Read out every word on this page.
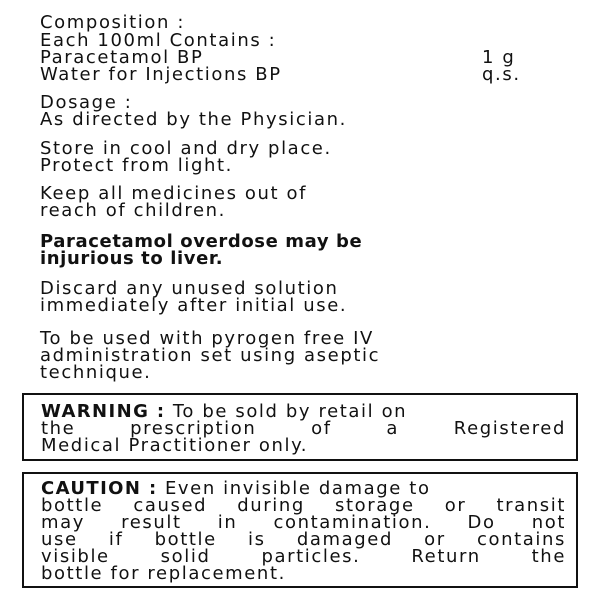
Composition :
Each 100ml Contains :
Paracetamol BP	1 g
Water for Injections BP	q.s.
Dosage :
As directed by the Physician.
Store in cool and dry place.
Protect from light.
Keep all medicines out of
reach of children.
Paracetamol overdose may be
injurious to liver.
Discard any unused solution
immediately after initial use.
To be used with pyrogen free IV
administration set using aseptic
technique.
WARNING : To be sold by retail on
the prescription of a Registered
Medical Practitioner only.
CAUTION : Even invisible damage to
bottle caused during storage or transit
may result in contamination. Do not
use if bottle is damaged or contains
visible solid particles. Return the
bottle for replacement.
